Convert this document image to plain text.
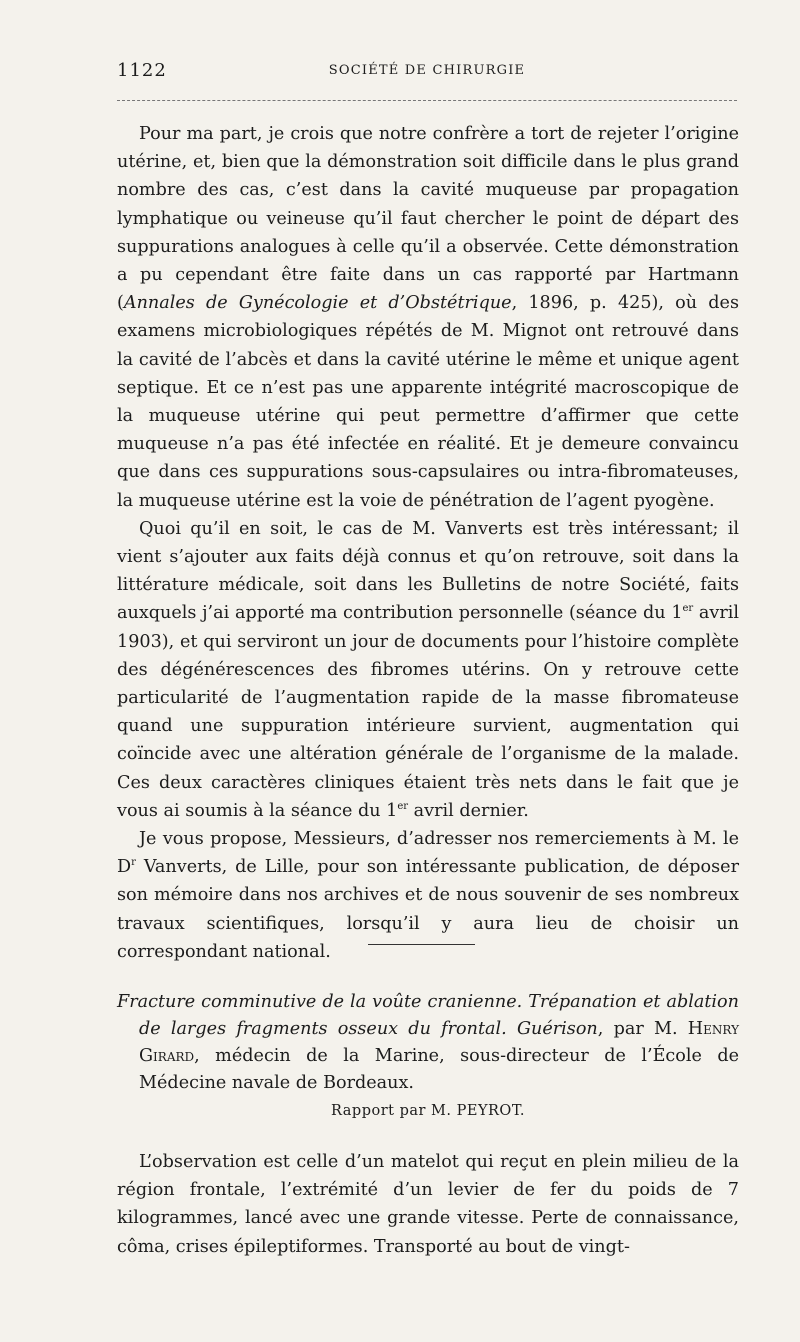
1122	SOCIÉTÉ DE CHIRURGIE

Pour ma part, je crois que notre confrère a tort de rejeter l’origine utérine, et, bien que la démonstration soit difficile dans le plus grand nombre des cas, c’est dans la cavité muqueuse par propagation lymphatique ou veineuse qu’il faut chercher le point de départ des suppurations analogues à celle qu’il a observée. Cette démonstration a pu cependant être faite dans un cas rapporté par Hartmann (Annales de Gynécologie et d’Obstétrique, 1896, p. 425), où des examens microbiologiques répétés de M. Mignot ont retrouvé dans la cavité de l’abcès et dans la cavité utérine le même et unique agent septique. Et ce n’est pas une apparente intégrité macroscopique de la muqueuse utérine qui peut permettre d’affirmer que cette muqueuse n’a pas été infectée en réalité. Et je demeure convaincu que dans ces suppurations sous-capsulaires ou intra-fibromateuses, la muqueuse utérine est la voie de pénétration de l’agent pyogène.

Quoi qu’il en soit, le cas de M. Vanverts est très intéressant; il vient s’ajouter aux faits déjà connus et qu’on retrouve, soit dans la littérature médicale, soit dans les Bulletins de notre Société, faits auxquels j’ai apporté ma contribution personnelle (séance du 1er avril 1903), et qui serviront un jour de documents pour l’histoire complète des dégénérescences des fibromes utérins. On y retrouve cette particularité de l’augmentation rapide de la masse fibromateuse quand une suppuration intérieure survient, augmentation qui coïncide avec une altération générale de l’organisme de la malade. Ces deux caractères cliniques étaient très nets dans le fait que je vous ai soumis à la séance du 1er avril dernier.

Je vous propose, Messieurs, d’adresser nos remerciements à M. le $D^r$ Vanverts, de Lille, pour son intéressante publication, de déposer son mémoire dans nos archives et de nous souvenir de ses nombreux travaux scientifiques, lorsqu’il y aura lieu de choisir un correspondant national.

Fracture comminutive de la voûte cranienne. Trépanation et ablation de larges fragments osseux du frontal. Guérison, par M. Henry Girard, médecin de la Marine, sous-directeur de l’École de Médecine navale de Bordeaux.

Rapport par M. PEYROT.

L’observation est celle d’un matelot qui reçut en plein milieu de la région frontale, l’extrémité d’un levier de fer du poids de 7 kilogrammes, lancé avec une grande vitesse. Perte de connaissance, côma, crises épileptiformes. Transporté au bout de vingt-
